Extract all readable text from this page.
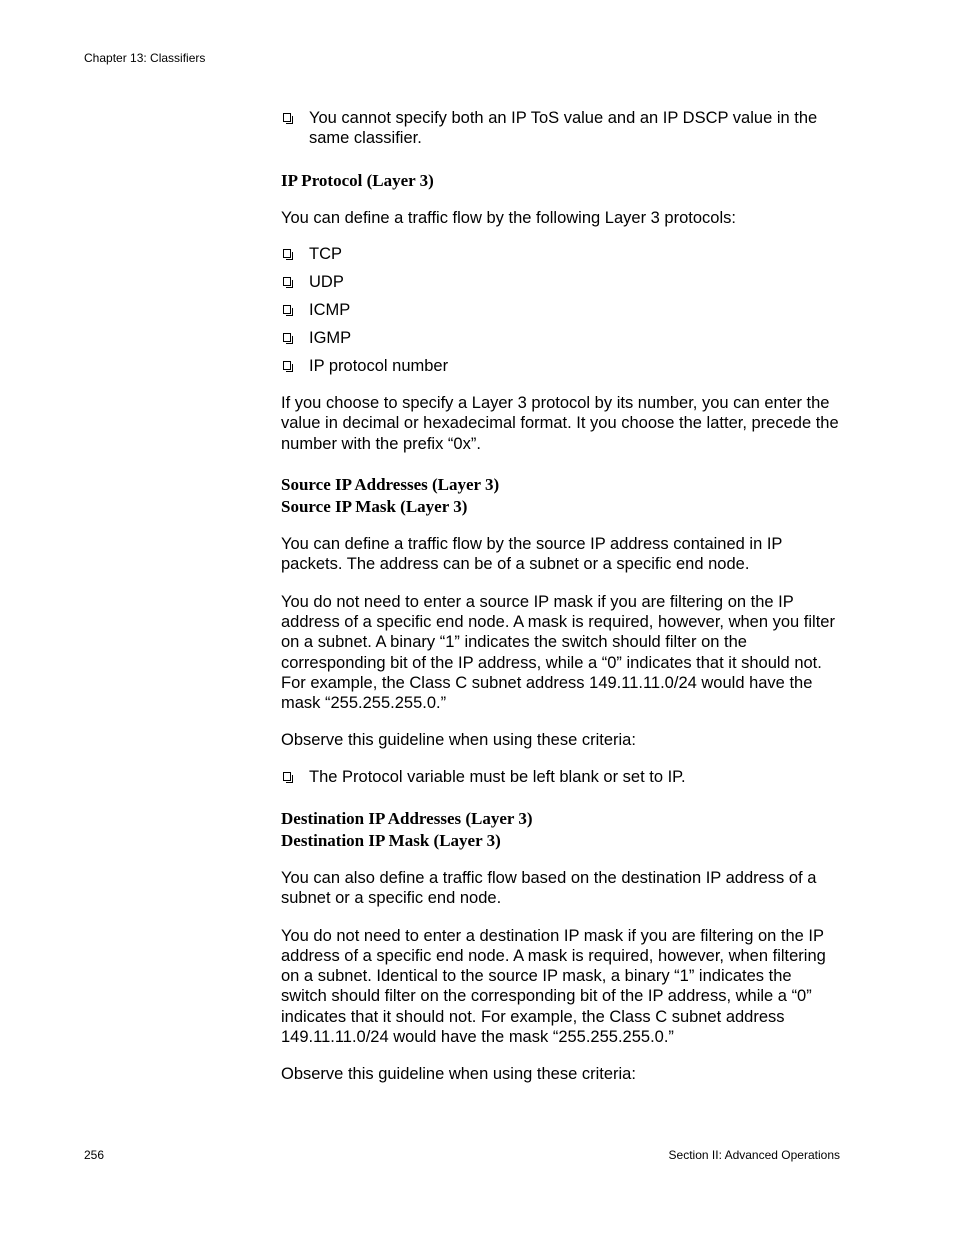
Chapter 13: Classifiers
You cannot specify both an IP ToS value and an IP DSCP value in the same classifier.
IP Protocol (Layer 3)

You can define a traffic flow by the following Layer 3 protocols:

TCP
UDP
ICMP
IGMP
IP protocol number

If you choose to specify a Layer 3 protocol by its number, you can enter the value in decimal or hexadecimal format. It you choose the latter, precede the number with the prefix “0x”.

Source IP Addresses (Layer 3)
Source IP Mask (Layer 3)

You can define a traffic flow by the source IP address contained in IP packets. The address can be of a subnet or a specific end node.

You do not need to enter a source IP mask if you are filtering on the IP address of a specific end node. A mask is required, however, when you filter on a subnet. A binary “1” indicates the switch should filter on the corresponding bit of the IP address, while a “0” indicates that it should not. For example, the Class C subnet address 149.11.11.0/24 would have the mask “255.255.255.0.”

Observe this guideline when using these criteria:

The Protocol variable must be left blank or set to IP.
Destination IP Addresses (Layer 3)
Destination IP Mask (Layer 3)

You can also define a traffic flow based on the destination IP address of a subnet or a specific end node.

You do not need to enter a destination IP mask if you are filtering on the IP address of a specific end node. A mask is required, however, when filtering on a subnet. Identical to the source IP mask, a binary “1” indicates the switch should filter on the corresponding bit of the IP address, while a “0” indicates that it should not. For example, the Class C subnet address 149.11.11.0/24 would have the mask “255.255.255.0.”

Observe this guideline when using these criteria:

256	Section II: Advanced Operations
